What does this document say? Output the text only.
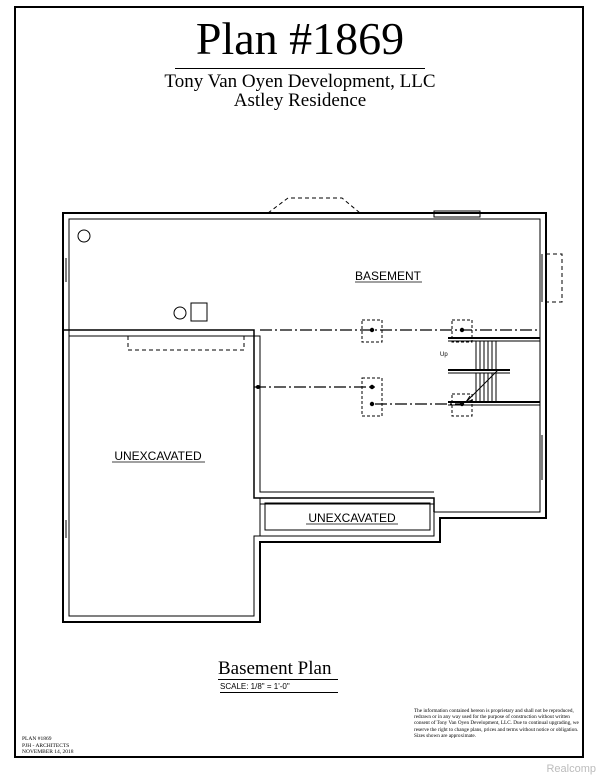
Plan #1869
Tony Van Oyen Development, LLC
Astley Residence
BASEMENT
UNEXCAVATED
UNEXCAVATED
Up
Basement Plan
SCALE: 1/8" = 1'-0"
The information contained hereon is proprietary and shall not be reproduced, redrawn or in any way used for the purpose of construction without written consent of Tony Van Oyen Development, LLC. Due to continual upgrading, we reserve the right to change plans, prices and terms without notice or obligation. Sizes shown are approximate.
PLAN #1869
PJH - ARCHITECTS
NOVEMBER 14, 2018
Realcomp
